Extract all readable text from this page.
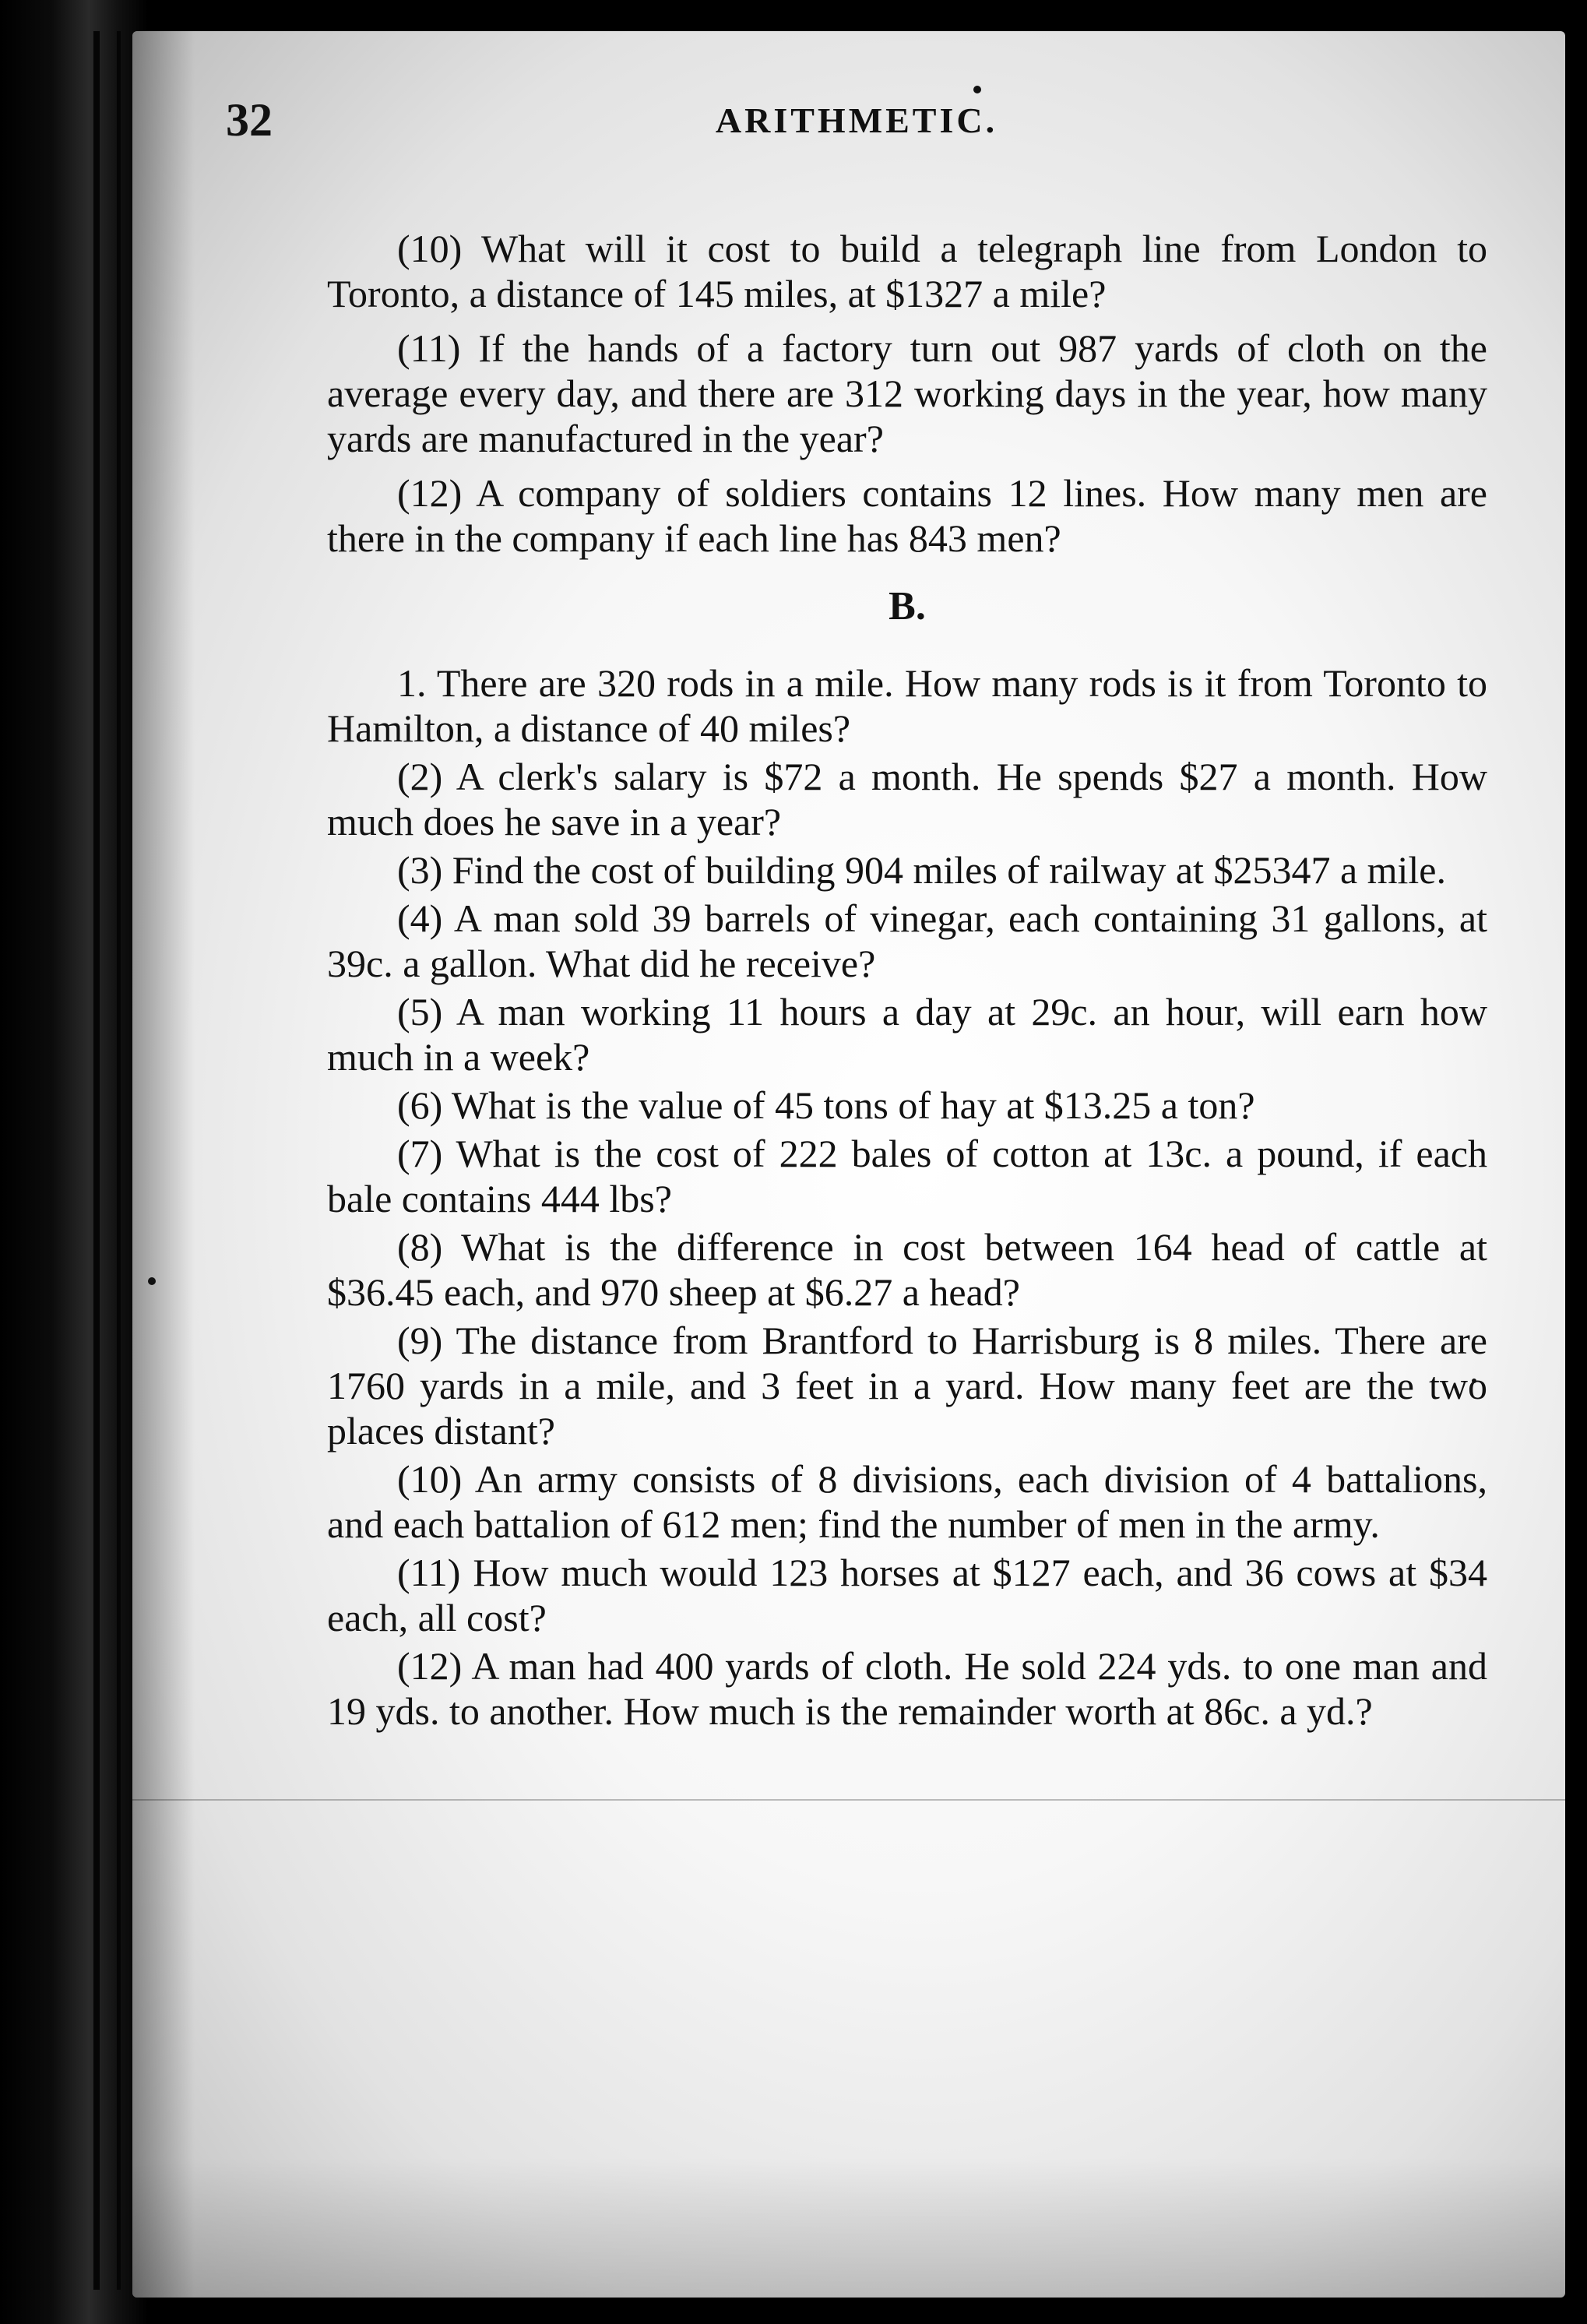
32	ARITHMETIC.

(10) What will it cost to build a telegraph line from London to Toronto, a distance of 145 miles, at $1327 a mile?

(11) If the hands of a factory turn out 987 yards of cloth on the average every day, and there are 312 working days in the year, how many yards are manufactured in the year?

(12) A company of soldiers contains 12 lines. How many men are there in the company if each line has 843 men?

B.

1. There are 320 rods in a mile. How many rods is it from Toronto to Hamilton, a distance of 40 miles?

(2) A clerk's salary is $72 a month. He spends $27 a month. How much does he save in a year?

(3) Find the cost of building 904 miles of railway at $25347 a mile.

(4) A man sold 39 barrels of vinegar, each containing 31 gallons, at 39c. a gallon. What did he receive?

(5) A man working 11 hours a day at 29c. an hour, will earn how much in a week?

(6) What is the value of 45 tons of hay at $13.25 a ton?

(7) What is the cost of 222 bales of cotton at 13c. a pound, if each bale contains 444 lbs?

(8) What is the difference in cost between 164 head of cattle at $36.45 each, and 970 sheep at $6.27 a head?

(9) The distance from Brantford to Harrisburg is 8 miles. There are 1760 yards in a mile, and 3 feet in a yard. How many feet are the two places distant?

(10) An army consists of 8 divisions, each division of 4 battalions, and each battalion of 612 men; find the number of men in the army.

(11) How much would 123 horses at $127 each, and 36 cows at $34 each, all cost?

(12) A man had 400 yards of cloth. He sold 224 yds. to one man and 19 yds. to another. How much is the remainder worth at 86c. a yd.?
